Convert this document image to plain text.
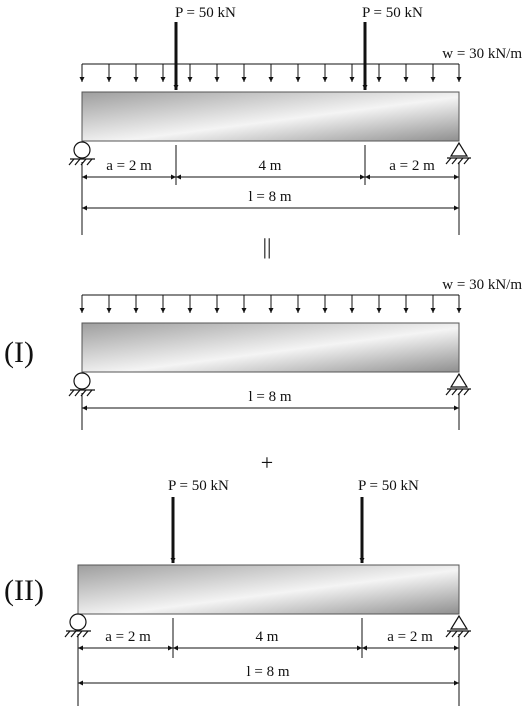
w = 30 kN/m
P = 50 kN	P = 50 kN
a = 2 m	4 m	a = 2 m
l = 8 m
||
(I)
w = 30 kN/m
l = 8 m
+
(II)
P = 50 kN	P = 50 kN
a = 2 m	4 m	a = 2 m
l = 8 m
